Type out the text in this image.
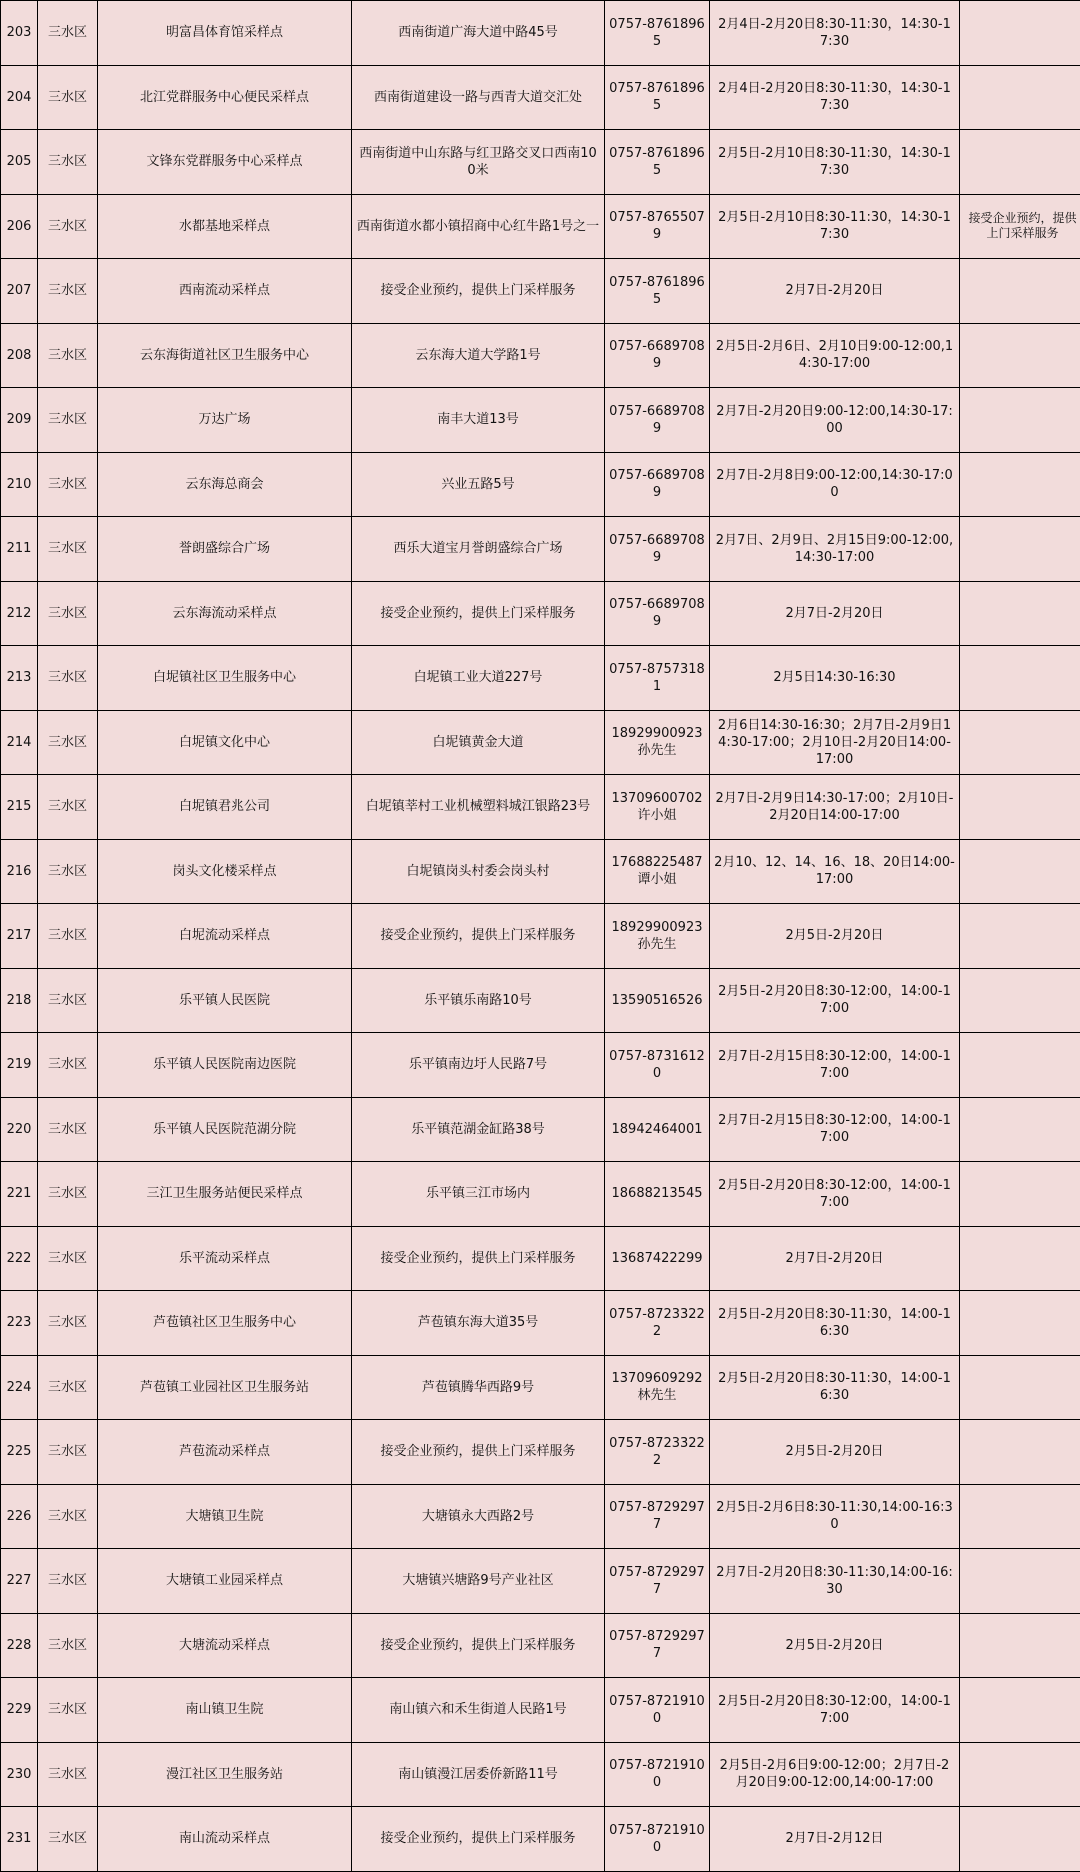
203	三水区	明富昌体育馆采样点	西南街道广海大道中路45号	0757-87618965	2月4日-2月20日8:30-11:30，14:30-17:30	
204	三水区	北江党群服务中心便民采样点	西南街道建设一路与西青大道交汇处	0757-87618965	2月4日-2月20日8:30-11:30，14:30-17:30	
205	三水区	文锋东党群服务中心采样点	西南街道中山东路与红卫路交叉口西南100米	0757-87618965	2月5日-2月10日8:30-11:30，14:30-17:30	
206	三水区	水都基地采样点	西南街道水都小镇招商中心红牛路1号之一	0757-87655079	2月5日-2月10日8:30-11:30，14:30-17:30	接受企业预约，提供上门采样服务
207	三水区	西南流动采样点	接受企业预约，提供上门采样服务	0757-87618965	2月7日-2月20日	
208	三水区	云东海街道社区卫生服务中心	云东海大道大学路1号	0757-66897089	2月5日-2月6日、2月10日9:00-12:00,14:30-17:00	
209	三水区	万达广场	南丰大道13号	0757-66897089	2月7日-2月20日9:00-12:00,14:30-17:00	
210	三水区	云东海总商会	兴业五路5号	0757-66897089	2月7日-2月8日9:00-12:00,14:30-17:00	
211	三水区	誉朗盛综合广场	西乐大道宝月誉朗盛综合广场	0757-66897089	2月7日、2月9日、2月15日9:00-12:00,14:30-17:00	
212	三水区	云东海流动采样点	接受企业预约，提供上门采样服务	0757-66897089	2月7日-2月20日	
213	三水区	白坭镇社区卫生服务中心	白坭镇工业大道227号	0757-87573181	2月5日14:30-16:30	
214	三水区	白坭镇文化中心	白坭镇黄金大道	18929900923 孙先生	2月6日14:30-16:30；2月7日-2月9日14:30-17:00；2月10日-2月20日14:00-17:00	
215	三水区	白坭镇君兆公司	白坭镇莘村工业机械塑料城江银路23号	13709600702 许小姐	2月7日-2月9日14:30-17:00；2月10日-2月20日14:00-17:00	
216	三水区	岗头文化楼采样点	白坭镇岗头村委会岗头村	17688225487 谭小姐	2月10、12、14、16、18、20日14:00-17:00	
217	三水区	白坭流动采样点	接受企业预约，提供上门采样服务	18929900923 孙先生	2月5日-2月20日	
218	三水区	乐平镇人民医院	乐平镇乐南路10号	13590516526	2月5日-2月20日8:30-12:00，14:00-17:00	
219	三水区	乐平镇人民医院南边医院	乐平镇南边圩人民路7号	0757-87316120	2月7日-2月15日8:30-12:00，14:00-17:00	
220	三水区	乐平镇人民医院范湖分院	乐平镇范湖金缸路38号	18942464001	2月7日-2月15日8:30-12:00，14:00-17:00	
221	三水区	三江卫生服务站便民采样点	乐平镇三江市场内	18688213545	2月5日-2月20日8:30-12:00，14:00-17:00	
222	三水区	乐平流动采样点	接受企业预约，提供上门采样服务	13687422299	2月7日-2月20日	
223	三水区	芦苞镇社区卫生服务中心	芦苞镇东海大道35号	0757-87233222	2月5日-2月20日8:30-11:30，14:00-16:30	
224	三水区	芦苞镇工业园社区卫生服务站	芦苞镇腾华西路9号	13709609292 林先生	2月5日-2月20日8:30-11:30，14:00-16:30	
225	三水区	芦苞流动采样点	接受企业预约，提供上门采样服务	0757-87233222	2月5日-2月20日	
226	三水区	大塘镇卫生院	大塘镇永大西路2号	0757-87292977	2月5日-2月6日8:30-11:30,14:00-16:30	
227	三水区	大塘镇工业园采样点	大塘镇兴塘路9号产业社区	0757-87292977	2月7日-2月20日8:30-11:30,14:00-16:30	
228	三水区	大塘流动采样点	接受企业预约，提供上门采样服务	0757-87292977	2月5日-2月20日	
229	三水区	南山镇卫生院	南山镇六和禾生街道人民路1号	0757-87219100	2月5日-2月20日8:30-12:00，14:00-17:00	
230	三水区	漫江社区卫生服务站	南山镇漫江居委侨新路11号	0757-87219100	2月5日-2月6日9:00-12:00；2月7日-2月20日9:00-12:00,14:00-17:00	
231	三水区	南山流动采样点	接受企业预约，提供上门采样服务	0757-87219100	2月7日-2月12日	
